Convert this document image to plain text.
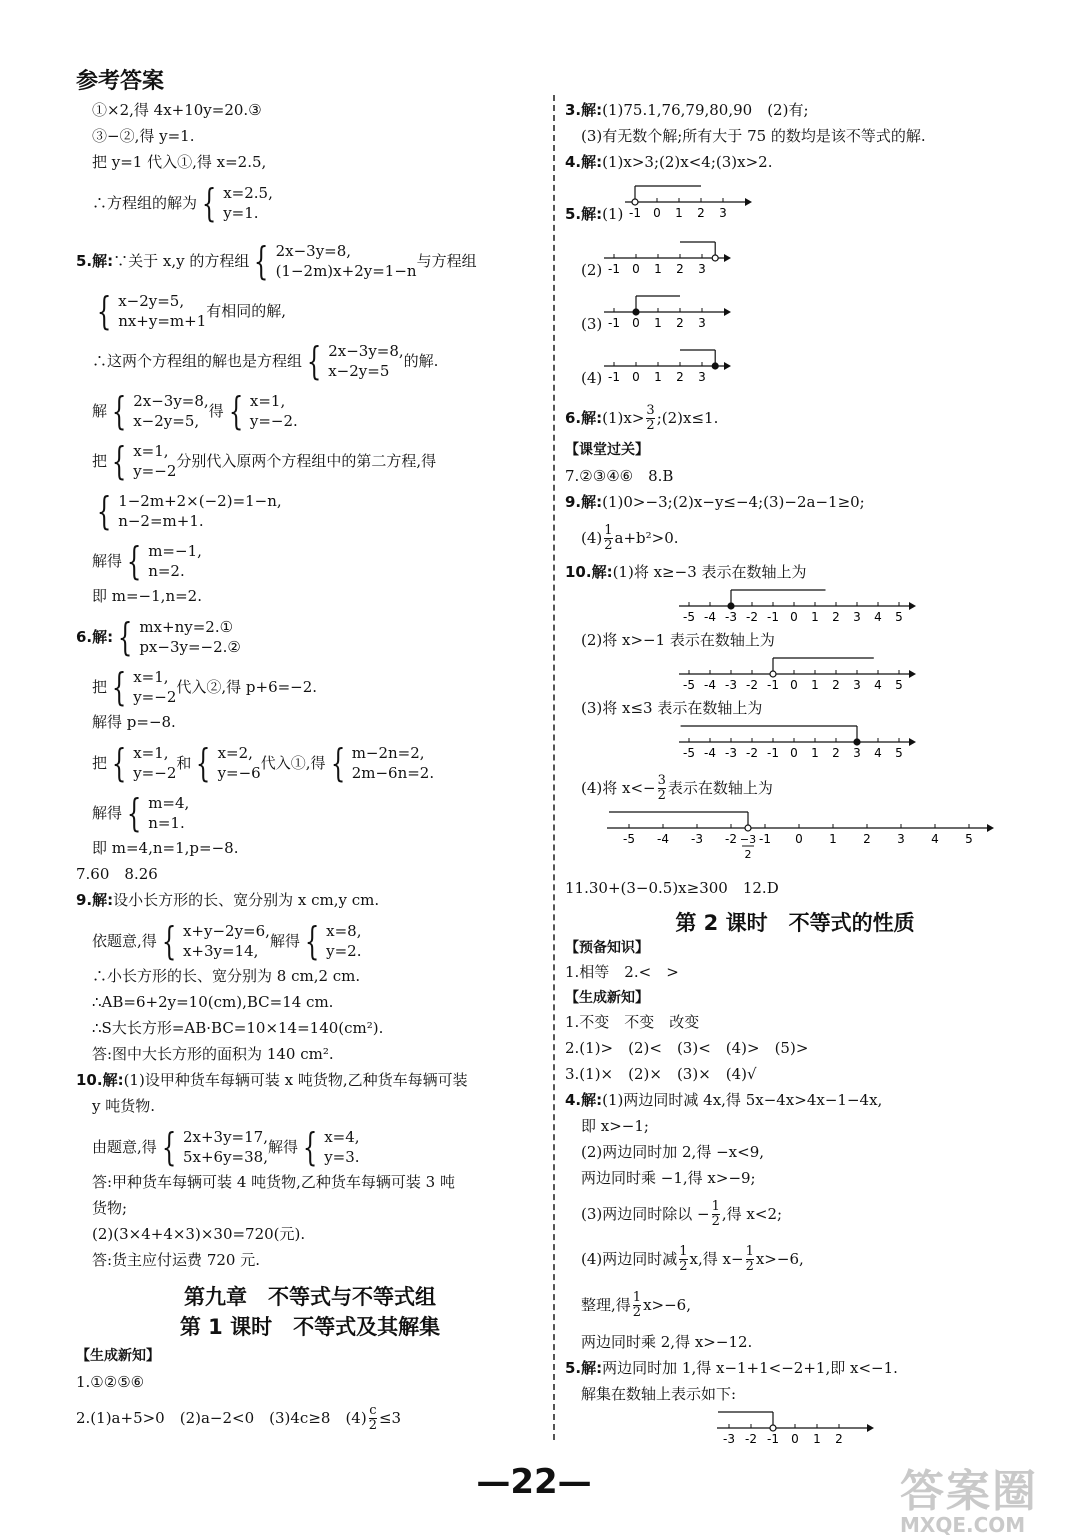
参考答案
①×2,得 4x+10y=20.③
③−②,得 y=1.
把 y=1 代入①,得 x=2.5,
∴方程组的解为 { x=2.5,
y=1.
5.解: ∵关于 x,y 的方程组 { 2x−3y=8,
(1−2m)x+2y=1−n
与方程组
{ x−2y=5,
nx+y=m+1
有相同的解,
∴这两个方程组的解也是方程组 { 2x−3y=8,
x−2y=5
的解.
解 { 2x−3y=8,
x−2y=5,
得 { x=1,
y=−2.
把 { x=1,
y=−2
分别代入原两个方程组中的第二方程,得
{ 1−2m+2×(−2)=1−n,
n−2=m+1.
解得 { m=−1,
n=2.
即 m=−1,n=2.
6.解: { mx+ny=2.①
px−3y=−2.②
把 { x=1,
y=−2
代入②,得 p+6=−2.
解得 p=−8.
把 { x=1,
y=−2
和 { x=2,
y=−6
代入①,得 { m−2n=2,
2m−6n=2.
解得 { m=4,
n=1.
即 m=4,n=1,p=−8.
7.60　8.26
9.解:设小长方形的长、宽分别为 x cm,y cm.
依题意,得 { x+y−2y=6,
x+3y=14,
解得 { x=8,
y=2.
∴小长方形的长、宽分别为 8 cm,2 cm.
∴AB=6+2y=10(cm),BC=14 cm.
∴S大长方形=AB·BC=10×14=140(cm²).
答:图中大长方形的面积为 140 cm².
10.解:(1)设甲种货车每辆可装 x 吨货物,乙种货车每辆可装
y 吨货物.
由题意,得 { 2x+3y=17,
5x+6y=38,
解得 { x=4,
y=3.
答:甲种货车每辆可装 4 吨货物,乙种货车每辆可装 3 吨
货物;
(2)(3×4+4×3)×30=720(元).
答:货主应付运费 720 元.
第九章　不等式与不等式组
第 1 课时　不等式及其解集
【生成新知】
1.①②⑤⑥
2.(1)a+5>0　(2)a−2<0　(3)4c≥8　$(4) \frac{c}{2} \le 3$
3.解:(1)75.1,76,79,80,90　(2)有;
(3)有无数个解;所有大于 75 的数均是该不等式的解.
4.解:(1)x>3;(2)x<4;(3)x>2.
5.解: (1) -1 0 1 2 3
(2) -1 0 1 2 3
(3) -1 0 1 2 3
(4) -1 0 1 2 3
6.解: $(1)x> \frac{3}{2}$ ;(2)x≤1.
【课堂过关】
7.②③④⑥　8.B
9.解:(1)0>−3;(2)x−y≤−4;(3)−2a−1≥0;
$(4) \frac{1}{2} a+b^2>0$.
10.解:(1)将 x≥−3 表示在数轴上为
-5 -4 -3 -2 -1 0 1 2 3 4 5
(2)将 x>−1 表示在数轴上为
-5 -4 -3 -2 -1 0 1 2 3 4 5
(3)将 x≤3 表示在数轴上为
-5 -4 -3 -2 -1 0 1 2 3 4 5
(4)将 $x<- \frac{3}{2}$ 表示在数轴上为
-5 -4 -3 -2 -1 0 1 2 3 4 5
−3
2
11.30+(3−0.5)x≥300　12.D
第 2 课时　不等式的性质
【预备知识】
1.相等　2.<　>
【生成新知】
1.不变　不变　改变
2.(1)>　(2)<　(3)<　(4)>　(5)>
3.(1)×　(2)×　(3)×　(4)√
4.解:(1)两边同时减 4x,得 5x−4x>4x−1−4x,
即 x>−1;
(2)两边同时加 2,得 −x<9,
两边同时乘 −1,得 x>−9;
(3)两边同时除以 − $\frac{1}{2}$ ,得 x<2;
(4)两边同时减 $\frac{1}{2} x$,得 $x- \frac{1}{2} x>-6$,
整理,得 $\frac{1}{2} x>-6$,
两边同时乘 2,得 x>−12.
5.解:两边同时加 1,得 x−1+1<−2+1,即 x<−1.
解集在数轴上表示如下:
-3 -2 -1 0 1 2
—22—	答案圈
MXQE.COM
